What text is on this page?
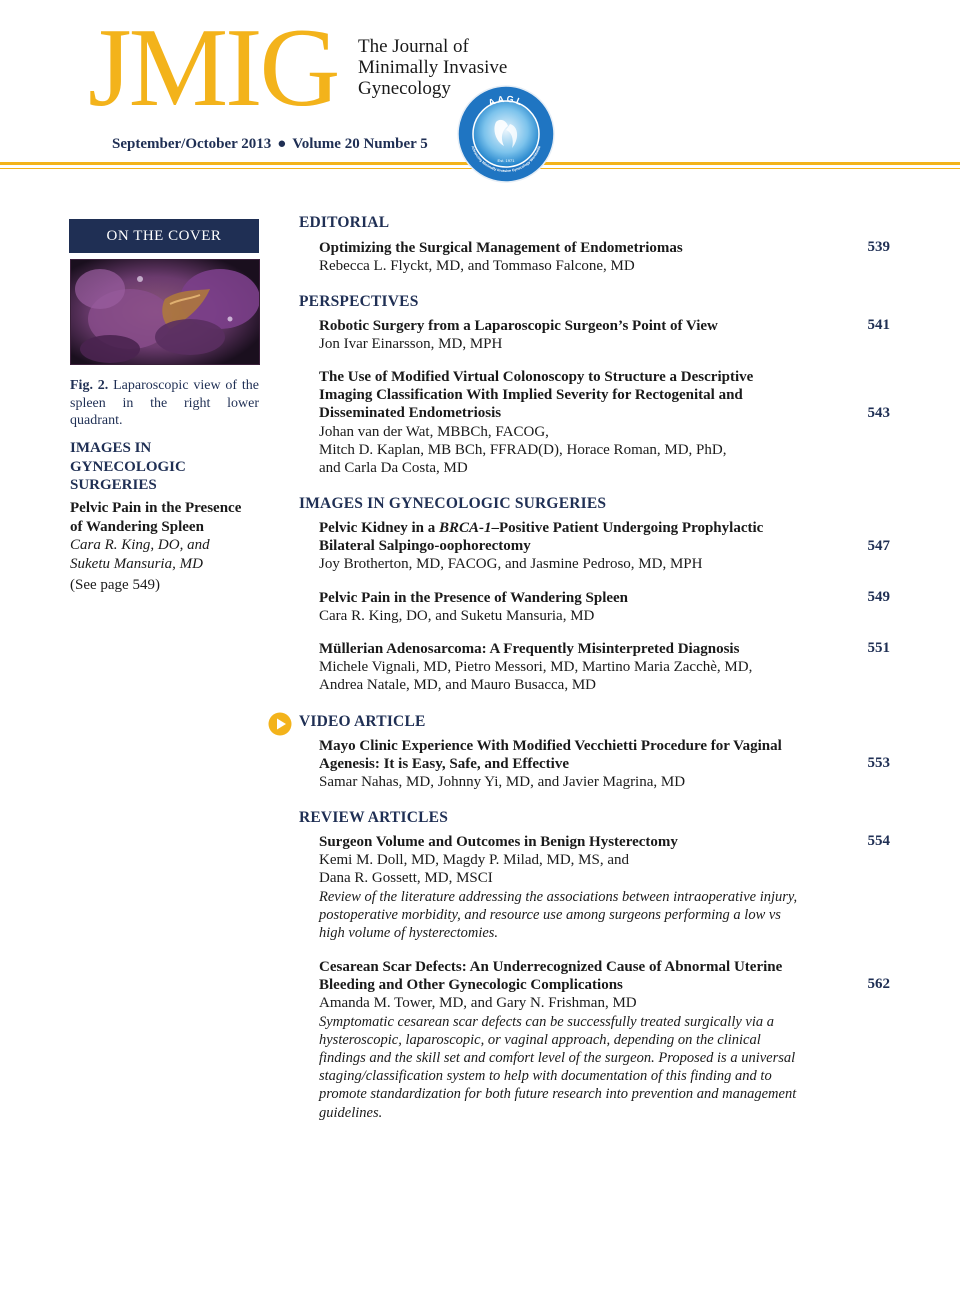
JMIG The Journal of
Minimally Invasive
Gynecology
September/October 2013 ● Volume 20 Number 5
AAGL
Est. 1971
Advancing Minimally Invasive Gynecology Worldwide
ON THE COVER
Fig. 2. Laparoscopic view of the spleen in the right lower quadrant.
IMAGES IN
GYNECOLOGIC
SURGERIES
Pelvic Pain in the Presence
of Wandering Spleen
Cara R. King, DO, and
Suketu Mansuria, MD
(See page 549)
EDITORIAL
Optimizing the Surgical Management of Endometriomas
Rebecca L. Flyckt, MD, and Tommaso Falcone, MD
539
PERSPECTIVES
Robotic Surgery from a Laparoscopic Surgeon’s Point of View
Jon Ivar Einarsson, MD, MPH
541
The Use of Modified Virtual Colonoscopy to Structure a Descriptive
Imaging Classification With Implied Severity for Rectogenital and
Disseminated Endometriosis
Johan van der Wat, MBBCh, FACOG,
Mitch D. Kaplan, MB BCh, FFRAD(D), Horace Roman, MD, PhD,
and Carla Da Costa, MD
543
IMAGES IN GYNECOLOGIC SURGERIES
Pelvic Kidney in a BRCA-1–Positive Patient Undergoing Prophylactic
Bilateral Salpingo-oophorectomy
Joy Brotherton, MD, FACOG, and Jasmine Pedroso, MD, MPH
547
Pelvic Pain in the Presence of Wandering Spleen
Cara R. King, DO, and Suketu Mansuria, MD
549
Müllerian Adenosarcoma: A Frequently Misinterpreted Diagnosis
Michele Vignali, MD, Pietro Messori, MD, Martino Maria Zacchè, MD,
Andrea Natale, MD, and Mauro Busacca, MD
551
VIDEO ARTICLE
Mayo Clinic Experience With Modified Vecchietti Procedure for Vaginal
Agenesis: It is Easy, Safe, and Effective
Samar Nahas, MD, Johnny Yi, MD, and Javier Magrina, MD
553
REVIEW ARTICLES
Surgeon Volume and Outcomes in Benign Hysterectomy
Kemi M. Doll, MD, Magdy P. Milad, MD, MS, and
Dana R. Gossett, MD, MSCI
Review of the literature addressing the associations between intraoperative injury,
postoperative morbidity, and resource use among surgeons performing a low vs
high volume of hysterectomies.
554
Cesarean Scar Defects: An Underrecognized Cause of Abnormal Uterine
Bleeding and Other Gynecologic Complications
Amanda M. Tower, MD, and Gary N. Frishman, MD
Symptomatic cesarean scar defects can be successfully treated surgically via a
hysteroscopic, laparoscopic, or vaginal approach, depending on the clinical
findings and the skill set and comfort level of the surgeon. Proposed is a universal
staging/classification system to help with documentation of this finding and to
promote standardization for both future research into prevention and management
guidelines.
562
